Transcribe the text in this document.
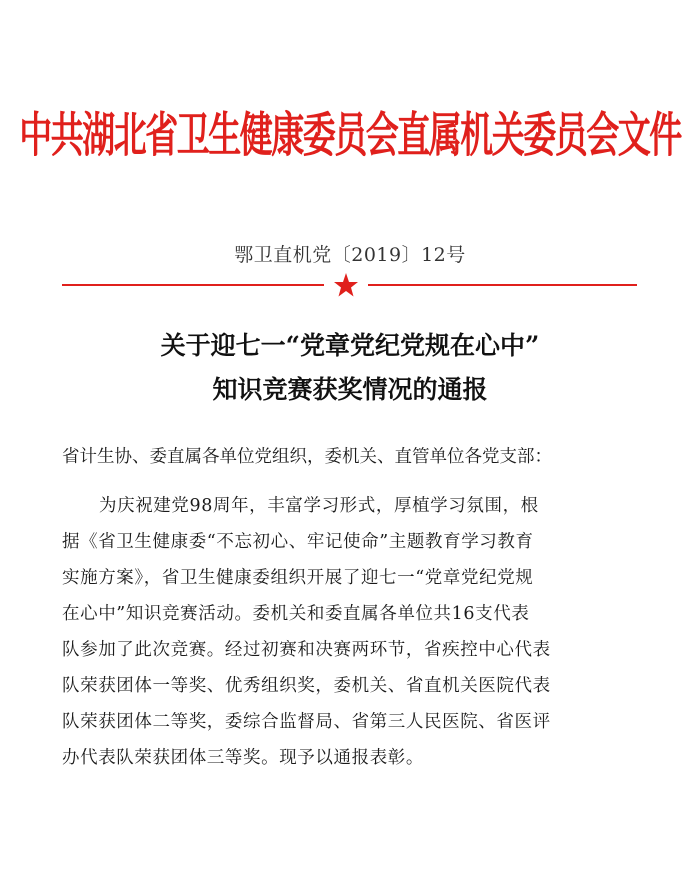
中共湖北省卫生健康委员会直属机关委员会文件
鄂卫直机党〔2019〕12号
关于迎七一“党章党纪党规在心中”
知识竞赛获奖情况的通报
省计生协、委直属各单位党组织，委机关、直管单位各党支部：
为庆祝建党98周年，丰富学习形式，厚植学习氛围，根
据《省卫生健康委“不忘初心、牢记使命”主题教育学习教育
实施方案》，省卫生健康委组织开展了迎七一“党章党纪党规
在心中”知识竞赛活动。委机关和委直属各单位共16支代表
队参加了此次竞赛。经过初赛和决赛两环节，省疾控中心代表
队荣获团体一等奖、优秀组织奖，委机关、省直机关医院代表
队荣获团体二等奖，委综合监督局、省第三人民医院、省医评
办代表队荣获团体三等奖。现予以通报表彰。
